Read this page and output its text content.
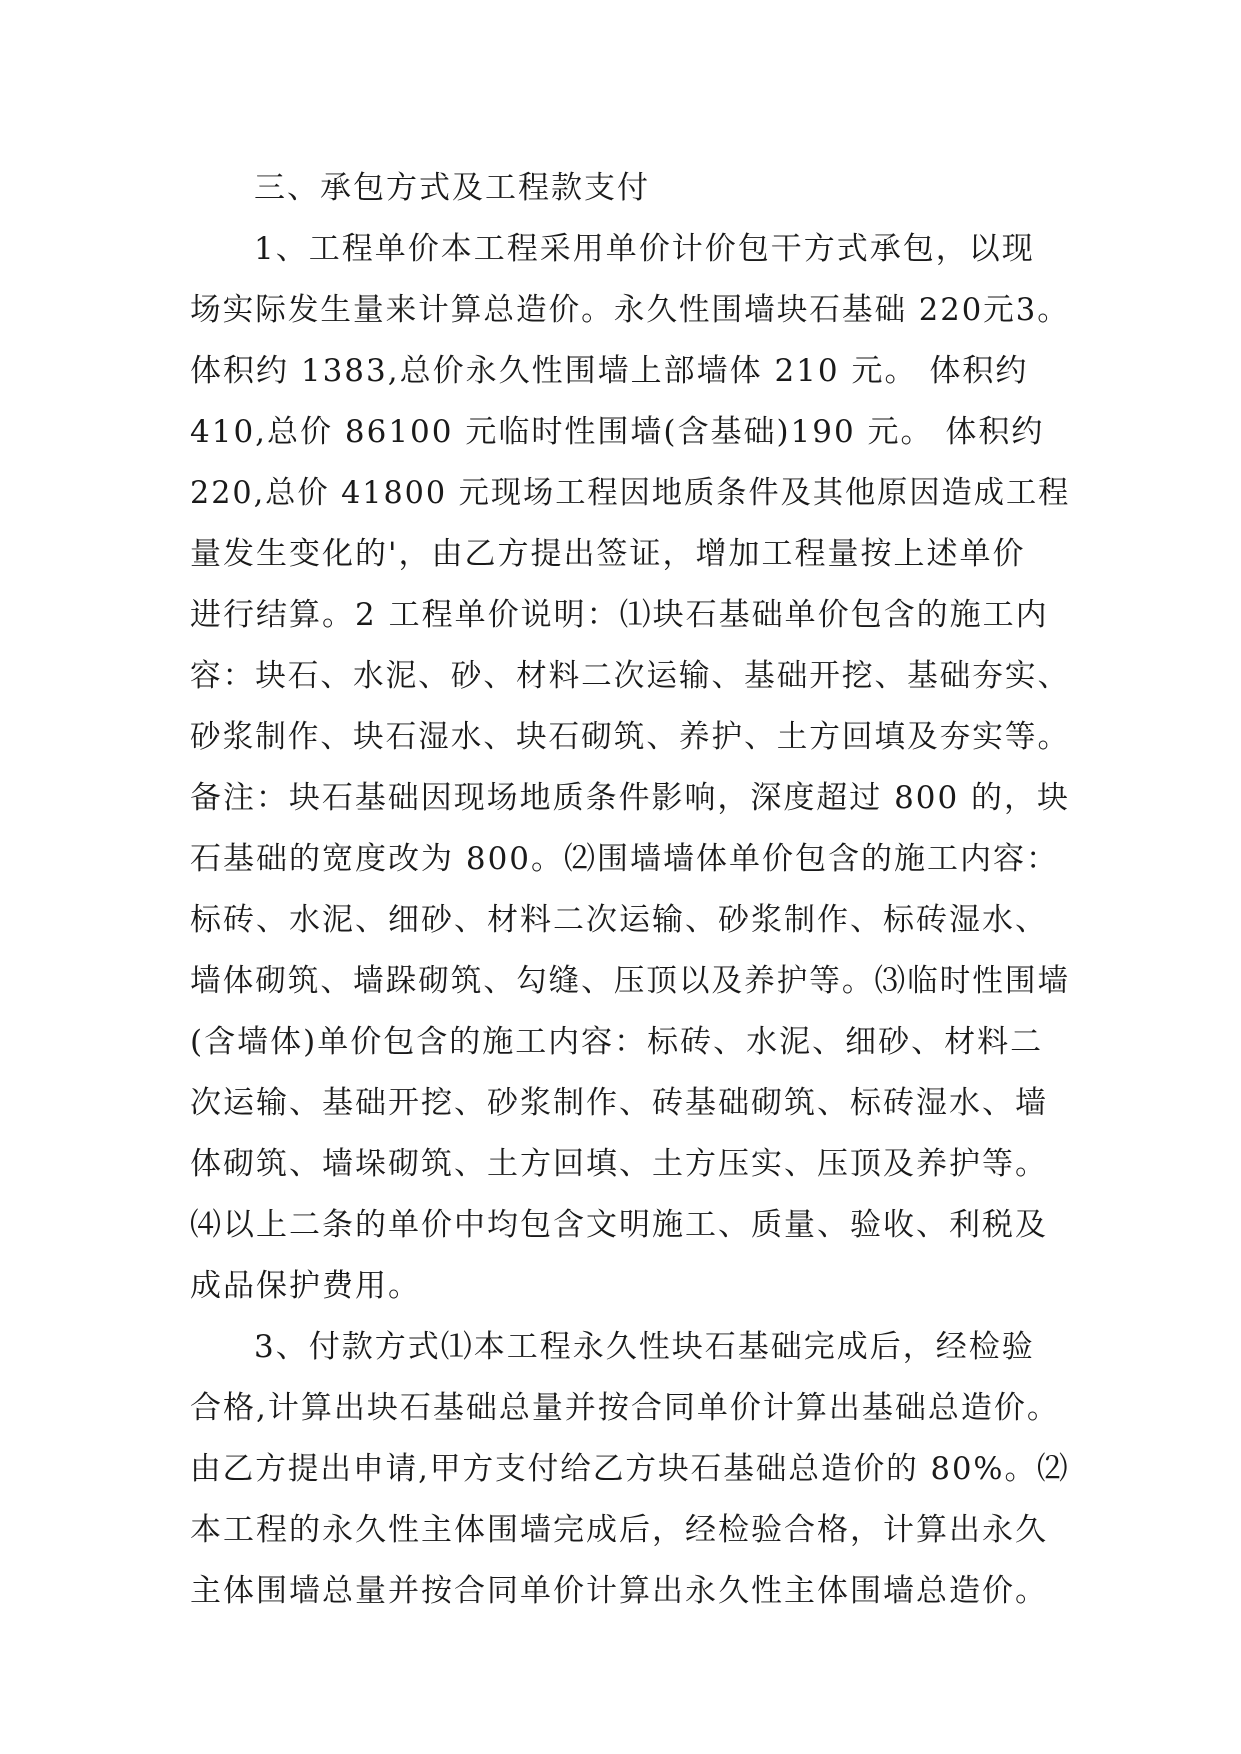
三、承包方式及工程款支付
1、工程单价本工程采用单价计价包干方式承包，以现
场实际发生量来计算总造价。永久性围墙块石基础 220元3。
体积约 1383,总价永久性围墙上部墙体 210 元。 体积约
410,总价 86100 元临时性围墙(含基础)190 元。 体积约
220,总价 41800 元现场工程因地质条件及其他原因造成工程
量发生变化的'，由乙方提出签证，增加工程量按上述单价
进行结算。2 工程单价说明：⑴块石基础单价包含的施工内
容：块石、水泥、砂、材料二次运输、基础开挖、基础夯实、
砂浆制作、块石湿水、块石砌筑、养护、土方回填及夯实等。
备注：块石基础因现场地质条件影响，深度超过 800 的，块
石基础的宽度改为 800。⑵围墙墙体单价包含的施工内容：
标砖、水泥、细砂、材料二次运输、砂浆制作、标砖湿水、
墙体砌筑、墙跺砌筑、勾缝、压顶以及养护等。⑶临时性围墙
(含墙体)单价包含的施工内容：标砖、水泥、细砂、材料二
次运输、基础开挖、砂浆制作、砖基础砌筑、标砖湿水、墙
体砌筑、墙垛砌筑、土方回填、土方压实、压顶及养护等。
⑷以上二条的单价中均包含文明施工、质量、验收、利税及
成品保护费用。
3、付款方式⑴本工程永久性块石基础完成后，经检验
合格,计算出块石基础总量并按合同单价计算出基础总造价。
由乙方提出申请,甲方支付给乙方块石基础总造价的 80%。⑵
本工程的永久性主体围墙完成后，经检验合格，计算出永久
主体围墙总量并按合同单价计算出永久性主体围墙总造价。
